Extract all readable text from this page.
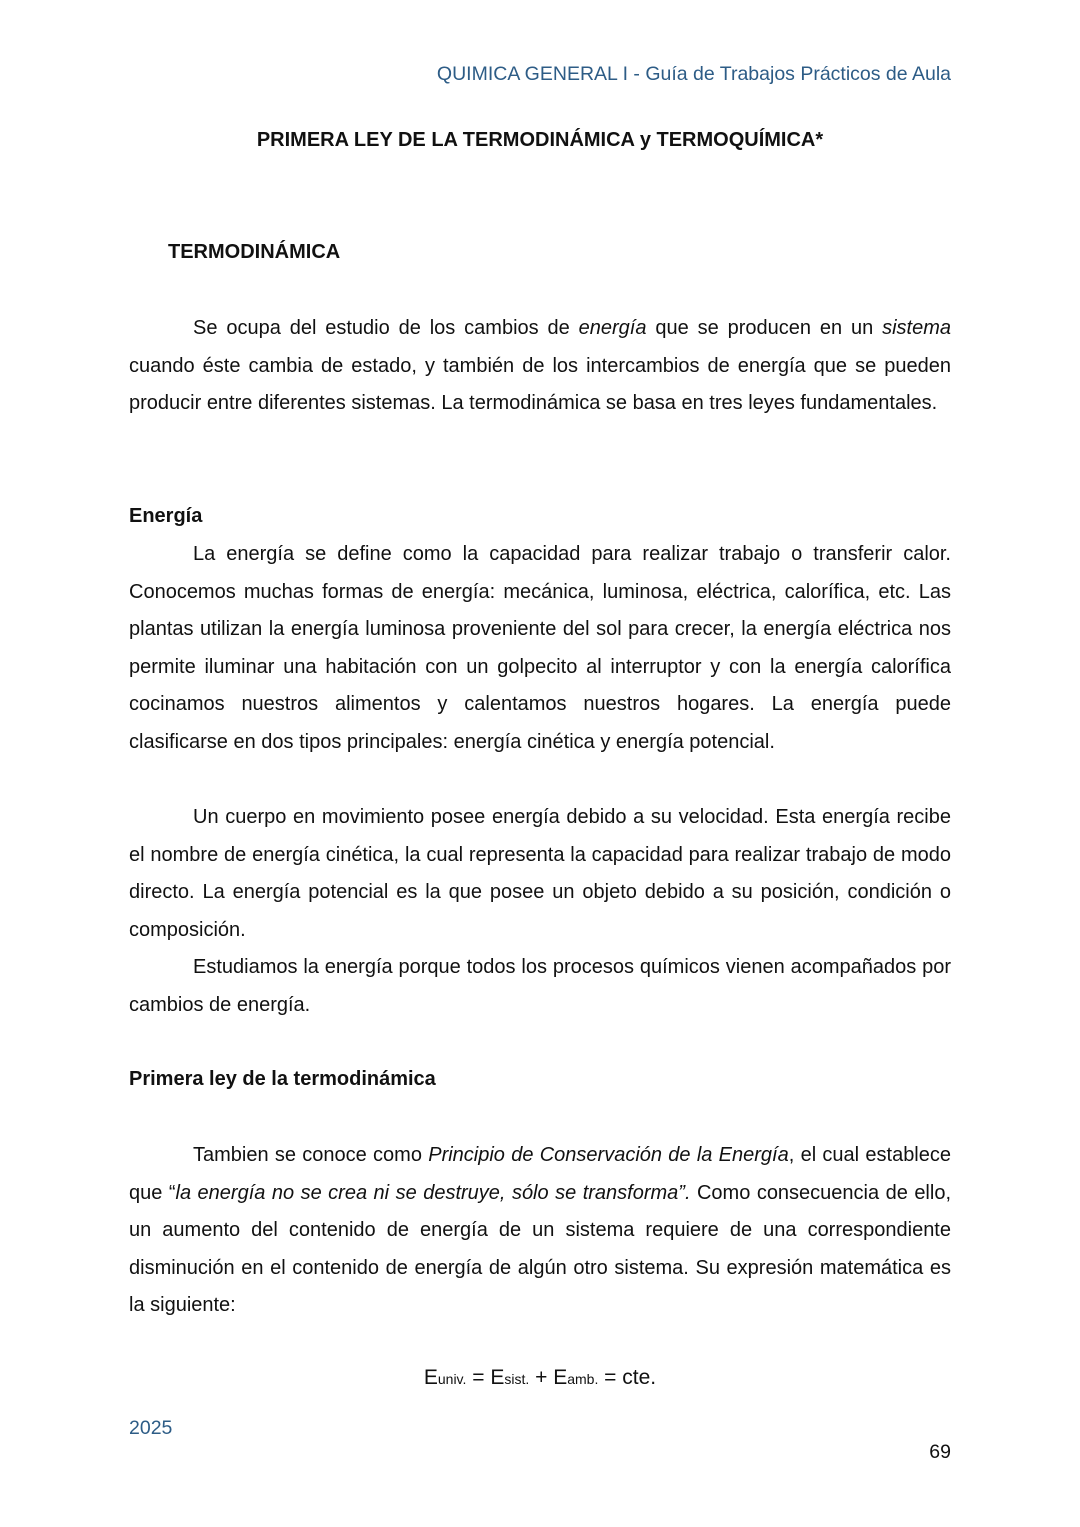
QUIMICA GENERAL I - Guía de Trabajos Prácticos de Aula
PRIMERA LEY DE LA TERMODINÁMICA y TERMOQUÍMICA*
TERMODINÁMICA

Se ocupa del estudio de los cambios de energía que se producen en un sistema cuando éste cambia de estado, y también de los intercambios de energía que se pueden producir entre diferentes sistemas. La termodinámica se basa en tres leyes fundamentales.

Energía

La energía se define como la capacidad para realizar trabajo o transferir calor. Conocemos muchas formas de energía: mecánica, luminosa, eléctrica, calorífica, etc. Las plantas utilizan la energía luminosa proveniente del sol para crecer, la energía eléctrica nos permite iluminar una habitación con un golpecito al interruptor y con la energía calorífica cocinamos nuestros alimentos y calentamos nuestros hogares. La energía puede clasificarse en dos tipos principales: energía cinética y energía potencial.

Un cuerpo en movimiento posee energía debido a su velocidad. Esta energía recibe el nombre de energía cinética, la cual representa la capacidad para realizar trabajo de modo directo. La energía potencial es la que posee un objeto debido a su posición, condición o composición.

Estudiamos la energía porque todos los procesos químicos vienen acompañados por cambios de energía.

Primera ley de la termodinámica

Tambien se conoce como Principio de Conservación de la Energía, el cual establece que “la energía no se crea ni se destruye, sólo se transforma”. Como consecuencia de ello, un aumento del contenido de energía de un sistema requiere de una correspondiente disminución en el contenido de energía de algún otro sistema. Su expresión matemática es la siguiente:

Euniv. = Esist. + Eamb. = cte.
2025
69
